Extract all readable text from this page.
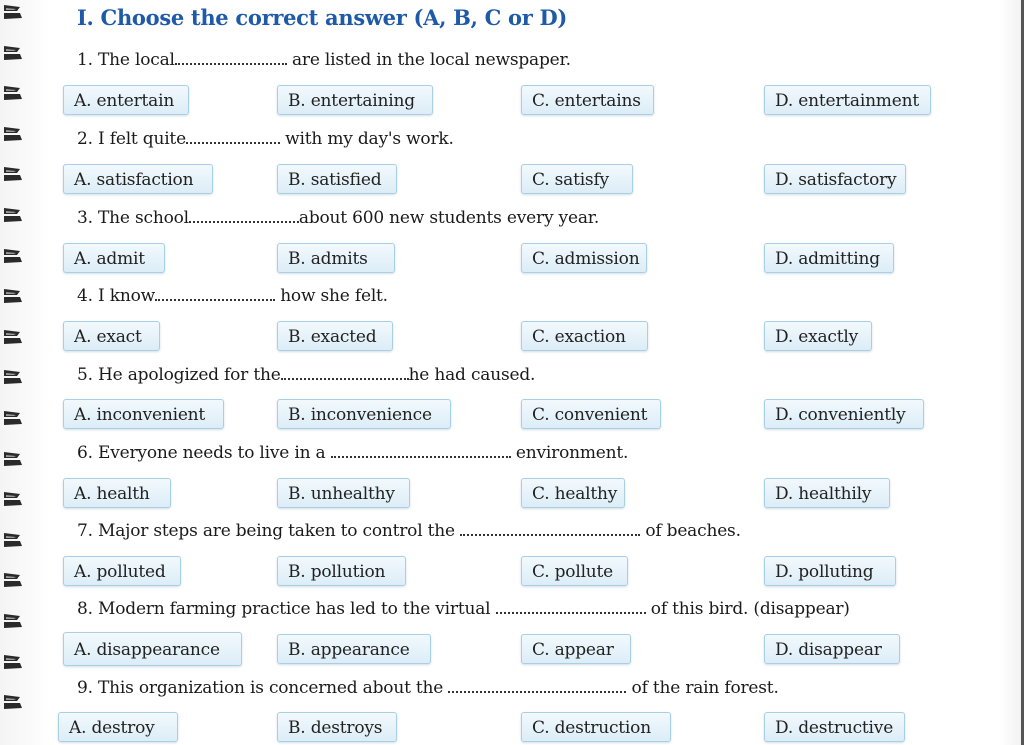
I. Choose the correct answer (A, B, C or D)
1. The local	are listed in the local newspaper.
A. entertain	B. entertaining	C. entertains	D. entertainment
2. I felt quite	with my day's work.
A. satisfaction	B. satisfied	C. satisfy	D. satisfactory
3. The school	about 600 new students every year.
A. admit	B. admits	C. admission	D. admitting
4. I know	how she felt.
A. exact	B. exacted	C. exaction	D. exactly
5. He apologized for the	he had caused.
A. inconvenient	B. inconvenience	C. convenient	D. conveniently
6. Everyone needs to live in a	environment.
A. health	B. unhealthy	C. healthy	D. healthily
7. Major steps are being taken to control the	of beaches.
A. polluted	B. pollution	C. pollute	D. polluting
8. Modern farming practice has led to the virtual	of this bird. (disappear)
A. disappearance	B. appearance	C. appear	D. disappear
9. This organization is concerned about the	of the rain forest.
A. destroy	B. destroys	C. destruction	D. destructive
